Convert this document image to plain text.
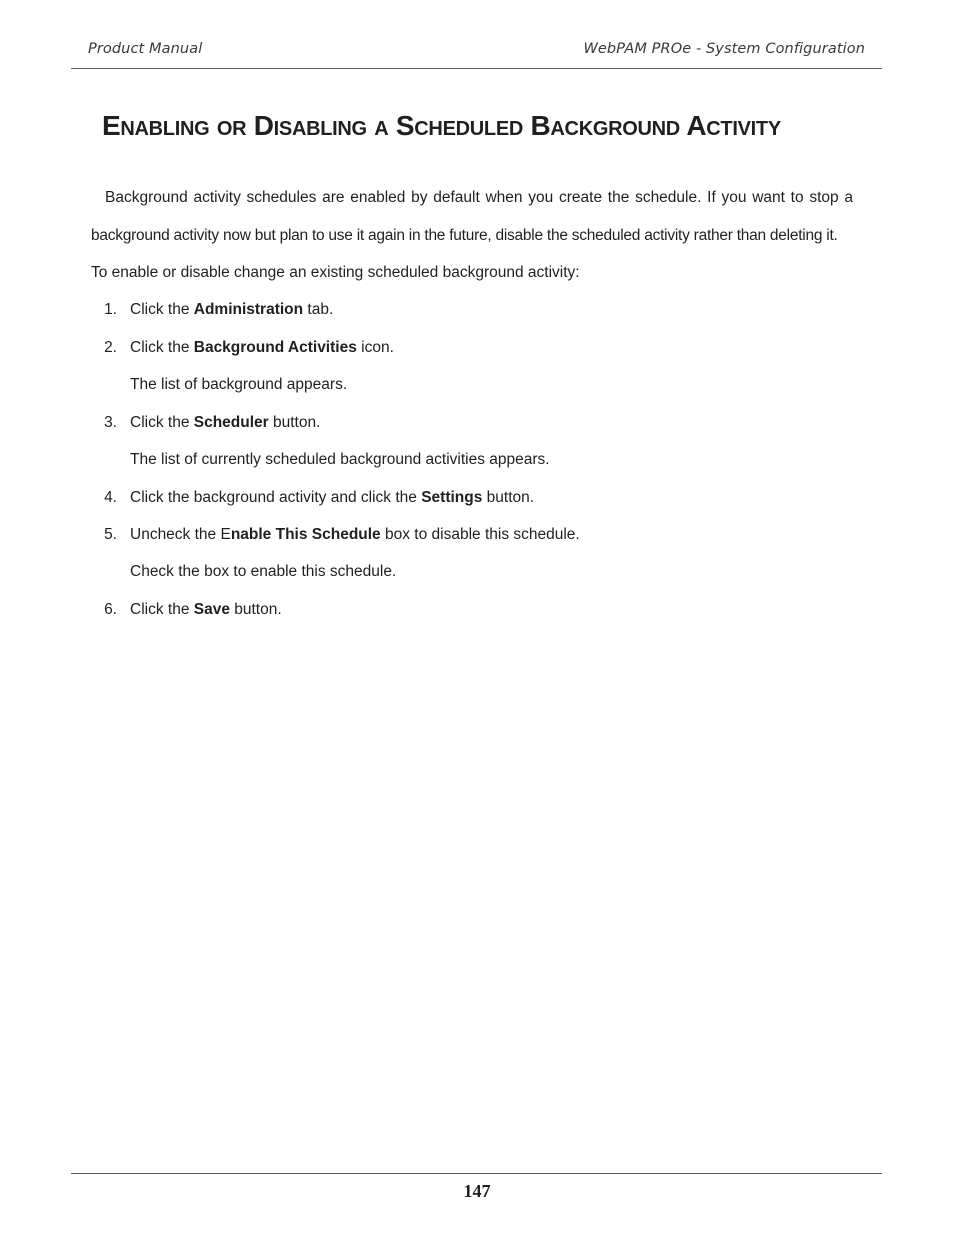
Product Manual	WebPAM PROe - System Configuration
Enabling or Disabling a Scheduled Background Activity
Background activity schedules are enabled by default when you create the schedule. If you want to stop a
background activity now but plan to use it again in the future, disable the scheduled activity rather than deleting it.
To enable or disable change an existing scheduled background activity:
1. Click the Administration tab.
2. Click the Background Activities icon.
The list of background appears.
3. Click the Scheduler button.
The list of currently scheduled background activities appears.
4. Click the background activity and click the Settings button.
5. Uncheck the Enable This Schedule box to disable this schedule.
Check the box to enable this schedule.
6. Click the Save button.
147
